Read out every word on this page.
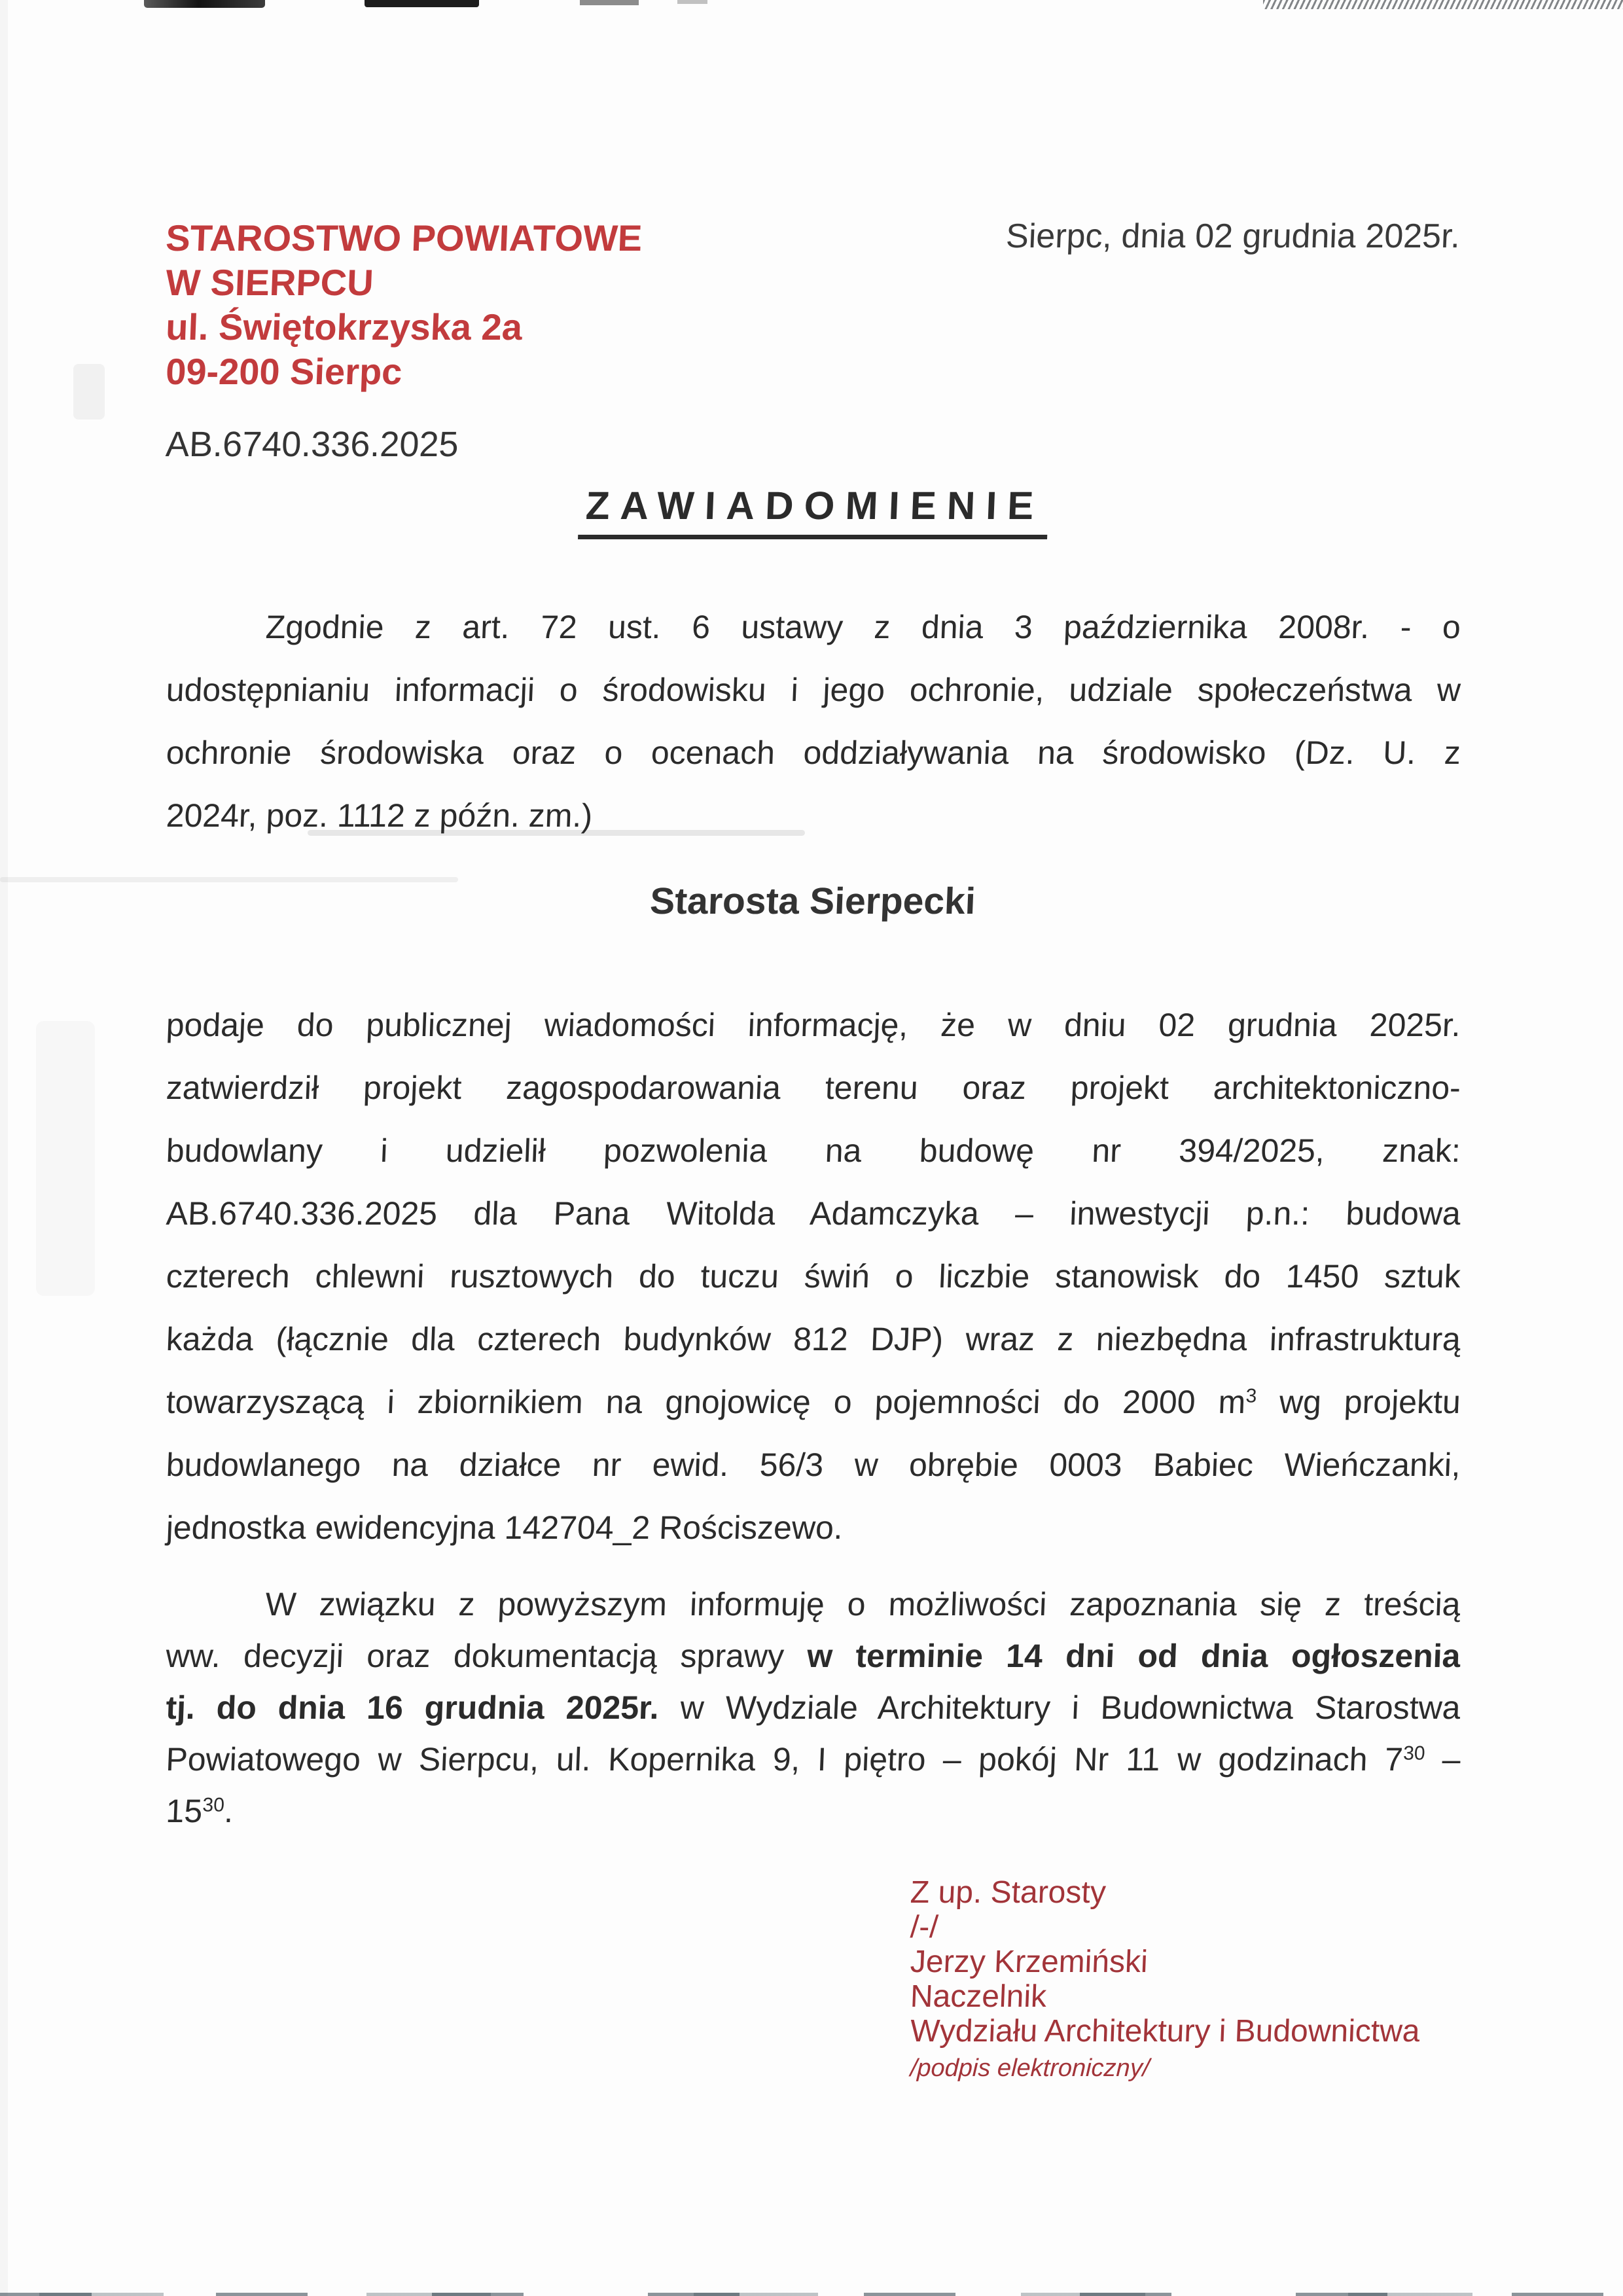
STAROSTWO POWIATOWE
W SIERPCU
ul. Świętokrzyska 2a
09-200 Sierpc
Sierpc, dnia 02 grudnia 2025r.
AB.6740.336.2025
ZAWIADOMIENIE
Zgodnie z art. 72 ust. 6 ustawy z dnia 3 października 2008r. - o
udostępnianiu informacji o środowisku i jego ochronie, udziale społeczeństwa w
ochronie środowiska oraz o ocenach oddziaływania na środowisko (Dz. U. z
2024r, poz. 1112 z późn. zm.)
Starosta Sierpecki
podaje do publicznej wiadomości informację, że w dniu 02 grudnia 2025r.
zatwierdził projekt zagospodarowania terenu oraz projekt architektoniczno-
budowlany i udzielił pozwolenia na budowę nr 394/2025, znak:
AB.6740.336.2025 dla Pana Witolda Adamczyka – inwestycji p.n.: budowa
czterech chlewni rusztowych do tuczu świń o liczbie stanowisk do 1450 sztuk
każda (łącznie dla czterech budynków 812 DJP) wraz z niezbędna infrastrukturą
towarzyszącą i zbiornikiem na gnojowicę o pojemności do 2000 $m^3$ wg projektu
budowlanego na działce nr ewid. 56/3 w obrębie 0003 Babiec Wieńczanki,
jednostka ewidencyjna 142704_2 Rościszewo.
W związku z powyższym informuję o możliwości zapoznania się z treścią
ww. decyzji oraz dokumentacją sprawy w terminie 14 dni od dnia ogłoszenia
tj. do dnia 16 grudnia 2025r. w Wydziale Architektury i Budownictwa Starostwa
Powiatowego w Sierpcu, ul. Kopernika 9, I piętro – pokój Nr 11 w godzinach $7^{30}$ –
$15^{30}$.
Z up. Starosty
/-/
Jerzy Krzemiński
Naczelnik
Wydziału Architektury i Budownictwa
/podpis elektroniczny/
